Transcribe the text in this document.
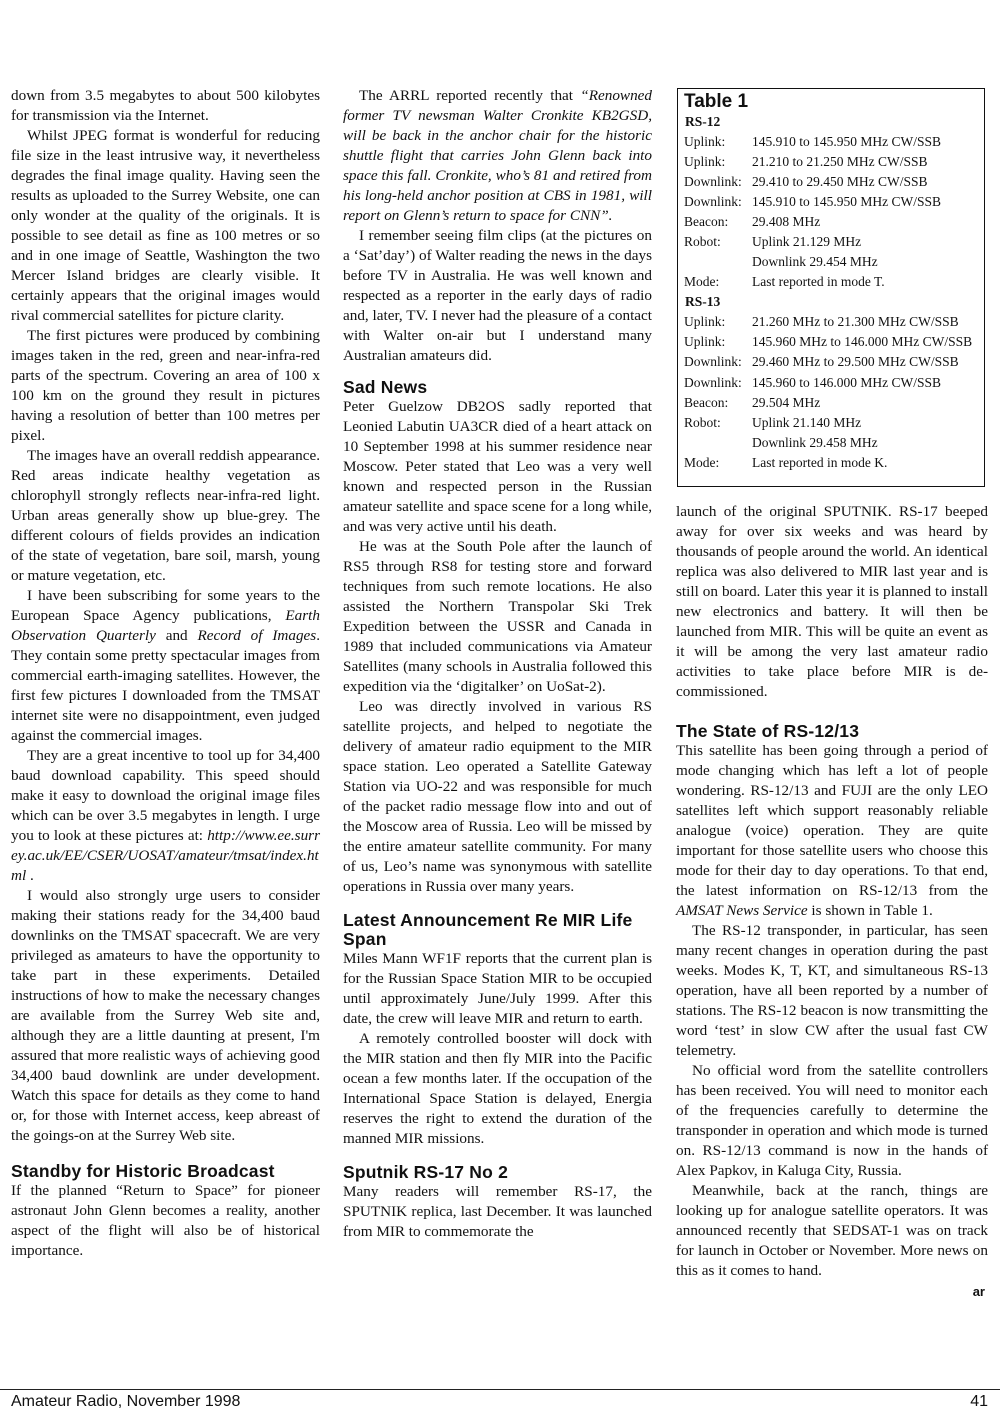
down from 3.5 megabytes to about 500 kilobytes for transmission via the Internet.

Whilst JPEG format is wonderful for reducing file size in the least intrusive way, it nevertheless degrades the final image quality. Having seen the results as uploaded to the Surrey Website, one can only wonder at the quality of the originals. It is possible to see detail as fine as 100 metres or so and in one image of Seattle, Washington the two Mercer Island bridges are clearly visible. It certainly appears that the original images would rival commercial satellites for picture clarity.

The first pictures were produced by combining images taken in the red, green and near-infra-red parts of the spectrum. Covering an area of 100 x 100 km on the ground they result in pictures having a resolution of better than 100 metres per pixel.

The images have an overall reddish appearance. Red areas indicate healthy vegetation as chlorophyll strongly reflects near-infra-red light. Urban areas generally show up blue-grey. The different colours of fields provides an indication of the state of vegetation, bare soil, marsh, young or mature vegetation, etc.

I have been subscribing for some years to the European Space Agency publications, Earth Observation Quarterly and Record of Images. They contain some pretty spectacular images from commercial earth-imaging satellites. However, the first few pictures I downloaded from the TMSAT internet site were no disappointment, even judged against the commercial images.

They are a great incentive to tool up for 34,400 baud download capability. This speed should make it easy to download the original image files which can be over 3.5 megabytes in length. I urge you to look at these pictures at: http://www.ee.surrey.ac.uk/EE/CSER/UOSAT/amateur/tmsat/index.html .

I would also strongly urge users to consider making their stations ready for the 34,400 baud downlinks on the TMSAT spacecraft. We are very privileged as amateurs to have the opportunity to take part in these experiments. Detailed instructions of how to make the necessary changes are available from the Surrey Web site and, although they are a little daunting at present, I'm assured that more realistic ways of achieving good 34,400 baud downlink are under development. Watch this space for details as they come to hand or, for those with Internet access, keep abreast of the goings-on at the Surrey Web site.

Standby for Historic Broadcast

If the planned “Return to Space” for pioneer astronaut John Glenn becomes a reality, another aspect of the flight will also be of historical importance.

The ARRL reported recently that “Renowned former TV newsman Walter Cronkite KB2GSD, will be back in the anchor chair for the historic shuttle flight that carries John Glenn back into space this fall. Cronkite, who’s 81 and retired from his long-held anchor position at CBS in 1981, will report on Glenn’s return to space for CNN”.

I remember seeing film clips (at the pictures on a ‘Sat’day’) of Walter reading the news in the days before TV in Australia. He was well known and respected as a reporter in the early days of radio and, later, TV. I never had the pleasure of a contact with Walter on-air but I understand many Australian amateurs did.

Sad News

Peter Guelzow DB2OS sadly reported that Leonied Labutin UA3CR died of a heart attack on 10 September 1998 at his summer residence near Moscow. Peter stated that Leo was a very well known and respected person in the Russian amateur satellite and space scene for a long while, and was very active until his death.

He was at the South Pole after the launch of RS5 through RS8 for testing store and forward techniques from such remote locations. He also assisted the Northern Transpolar Ski Trek Expedition between the USSR and Canada in 1989 that included communications via Amateur Satellites (many schools in Australia followed this expedition via the ‘digitalker’ on UoSat-2).

Leo was directly involved in various RS satellite projects, and helped to negotiate the delivery of amateur radio equipment to the MIR space station. Leo operated a Satellite Gateway Station via UO-22 and was responsible for much of the packet radio message flow into and out of the Moscow area of Russia. Leo will be missed by the entire amateur satellite community. For many of us, Leo’s name was synonymous with satellite operations in Russia over many years.

Latest Announcement Re MIR Life Span

Miles Mann WF1F reports that the current plan is for the Russian Space Station MIR to be occupied until approximately June/July 1999. After this date, the crew will leave MIR and return to earth.

A remotely controlled booster will dock with the MIR station and then fly MIR into the Pacific ocean a few months later. If the occupation of the International Space Station is delayed, Energia reserves the right to extend the duration of the manned MIR missions.

Sputnik RS-17 No 2

Many readers will remember RS-17, the SPUTNIK replica, last December. It was launched from MIR to commemorate the

Table 1
RS-12
Uplink:	145.910 to 145.950 MHz CW/SSB
Uplink:	21.210 to 21.250 MHz CW/SSB
Downlink: 29.410 to 29.450 MHz CW/SSB
Downlink: 145.910 to 145.950 MHz CW/SSB
Beacon:	29.408 MHz
Robot:	Uplink 21.129 MHz
Downlink 29.454 MHz
Mode:	Last reported in mode T.
RS-13
Uplink:	21.260 MHz to 21.300 MHz CW/SSB
Uplink:	145.960 MHz to 146.000 MHz CW/SSB
Downlink: 29.460 MHz to 29.500 MHz CW/SSB
Downlink: 145.960 to 146.000 MHz CW/SSB
Beacon:	29.504 MHz
Robot:	Uplink 21.140 MHz
Downlink 29.458 MHz
Mode:	Last reported in mode K.

launch of the original SPUTNIK. RS-17 beeped away for over six weeks and was heard by thousands of people around the world. An identical replica was also delivered to MIR last year and is still on board. Later this year it is planned to install new electronics and battery. It will then be launched from MIR. This will be quite an event as it will be among the very last amateur radio activities to take place before MIR is de-commissioned.

The State of RS-12/13

This satellite has been going through a period of mode changing which has left a lot of people wondering. RS-12/13 and FUJI are the only LEO satellites left which support reasonably reliable analogue (voice) operation. They are quite important for those satellite users who choose this mode for their day to day operations. To that end, the latest information on RS-12/13 from the AMSAT News Service is shown in Table 1.

The RS-12 transponder, in particular, has seen many recent changes in operation during the past weeks. Modes K, T, KT, and simultaneous RS-13 operation, have all been reported by a number of stations. The RS-12 beacon is now transmitting the word ‘test’ in slow CW after the usual fast CW telemetry.

No official word from the satellite controllers has been received. You will need to monitor each of the frequencies carefully to determine the transponder in operation and which mode is turned on. RS-12/13 command is now in the hands of Alex Papkov, in Kaluga City, Russia.

Meanwhile, back at the ranch, things are looking up for analogue satellite operators. It was announced recently that SEDSAT-1 was on track for launch in October or November. More news on this as it comes to hand.

ar
Amateur Radio, November 1998	41
